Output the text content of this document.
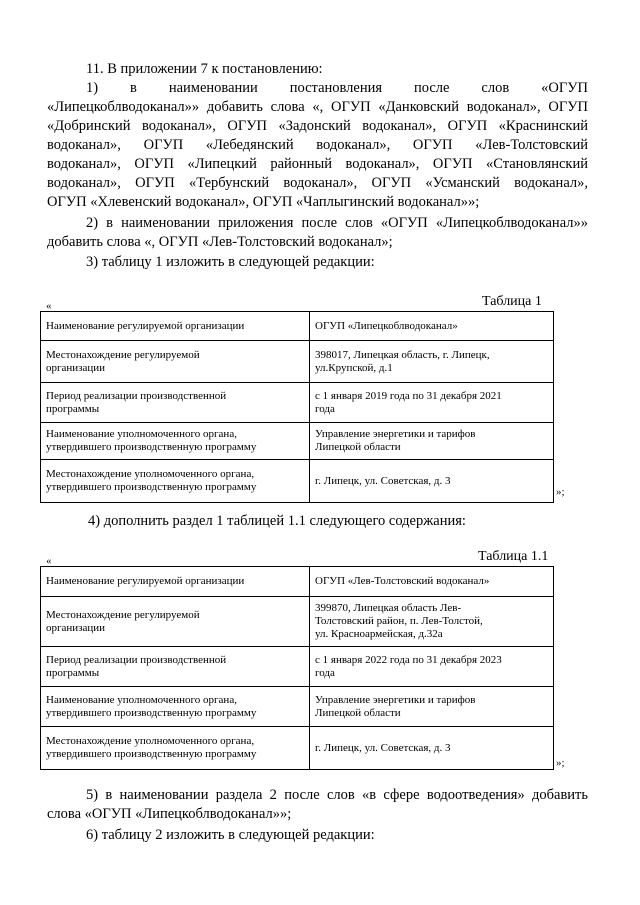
11. В приложении 7 к постановлению:
1) в наименовании постановления после слов «ОГУП
«Липецкоблводоканал»» добавить слова «, ОГУП «Данковский водоканал», ОГУП
«Добринский водоканал», ОГУП «Задонский водоканал», ОГУП «Краснинский
водоканал», ОГУП «Лебедянский водоканал», ОГУП «Лев-Толстовский
водоканал», ОГУП «Липецкий районный водоканал», ОГУП «Становлянский
водоканал», ОГУП «Тербунский водоканал», ОГУП «Усманский водоканал»,
ОГУП «Хлевенский водоканал», ОГУП «Чаплыгинский водоканал»»;
2) в наименовании приложения после слов «ОГУП «Липецкоблводоканал»»
добавить слова «, ОГУП «Лев-Толстовский водоканал»;
3) таблицу 1 изложить в следующей редакции:
«	Таблица 1
Наименование регулируемой организации	ОГУП «Липецкоблводоканал»
Местонахождение регулируемой
организации	398017, Липецкая область, г. Липецк,
ул.Крупской, д.1
Период реализации производственной
программы	с 1 января 2019 года по 31 декабря 2021
года
Наименование уполномоченного органа,
утвердившего производственную программу	Управление энергетики и тарифов
Липецкой области
Местонахождение уполномоченного органа,
утвердившего производственную программу	г. Липецк, ул. Советская, д. 3
»;
4) дополнить раздел 1 таблицей 1.1 следующего содержания:
«	Таблица 1.1
Наименование регулируемой организации	ОГУП «Лев-Толстовский водоканал»
Местонахождение регулируемой
организации	399870, Липецкая область Лев-
Толстовский район, п. Лев-Толстой,
ул. Красноармейская, д.32а
Период реализации производственной
программы	с 1 января 2022 года по 31 декабря 2023
года
Наименование уполномоченного органа,
утвердившего производственную программу	Управление энергетики и тарифов
Липецкой области
Местонахождение уполномоченного органа,
утвердившего производственную программу	г. Липецк, ул. Советская, д. 3
»;
5) в наименовании раздела 2 после слов «в сфере водоотведения» добавить
слова «ОГУП «Липецкоблводоканал»»;
6) таблицу 2 изложить в следующей редакции:
